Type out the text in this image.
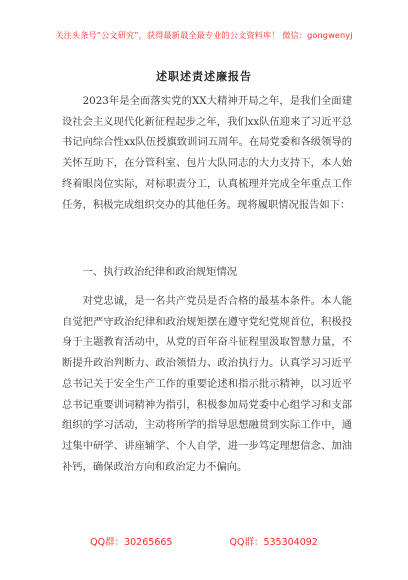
关注头条号“公文研究”，获得最新最全最专业的公文资料库！ 微信：gongwenyj
述职述责述廉报告

2023年是全面落实党的XX大精神开局之年，是我们全面建设社会主义现代化新征程起步之年，我们xx队伍迎来了习近平总书记向综合性xx队伍授旗致训词五周年。在局党委和各级领导的关怀互助下，在分管科室、包片大队同志的大力支持下，本人始终着眼岗位实际，对标职责分工，认真梳理并完成全年重点工作任务，积极完成组织交办的其他任务。现将履职情况报告如下：

一、执行政治纪律和政治规矩情况

对党忠诚，是一名共产党员是否合格的最基本条件。本人能自觉把严守政治纪律和政治规矩摆在遵守党纪党规首位，积极投身于主题教育活动中，从党的百年奋斗征程里汲取智慧力量，不断提升政治判断力、政治领悟力、政治执行力。认真学习习近平总书记关于安全生产工作的重要论述和指示批示精神，以习近平总书记重要训词精神为指引，积极参加局党委中心组学习和支部组织的学习活动，主动将所学的指导思想融贯到实际工作中，通过集中研学、讲座辅学、个人自学，进一步笃定理想信念、加油补钙，确保政治方向和政治定力不偏向。

QQ群：30265665	QQ群：535304092
